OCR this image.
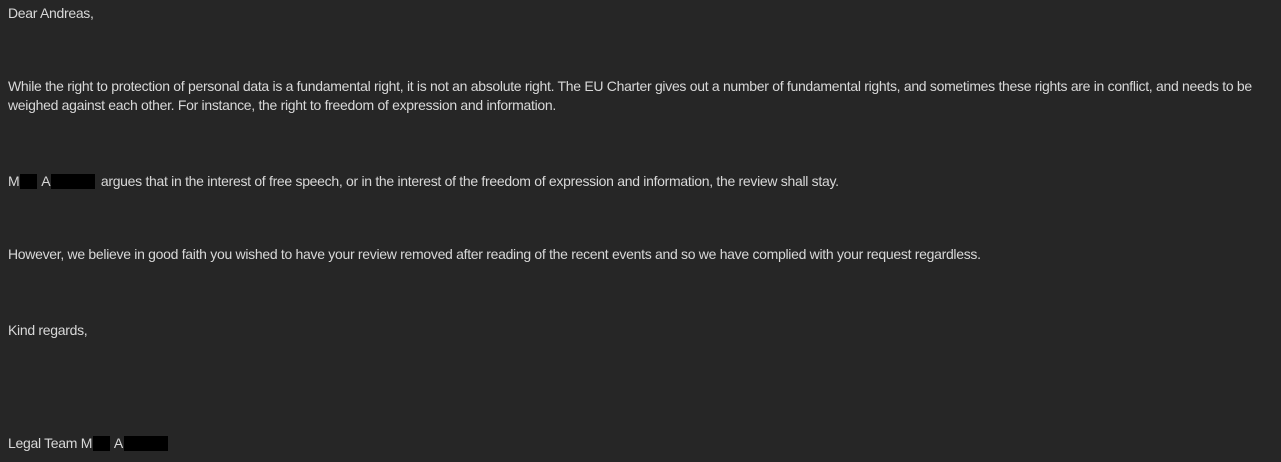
Dear Andreas,
While the right to protection of personal data is a fundamental right, it is not an absolute right. The EU Charter gives out a number of fundamental rights, and sometimes these rights are in conflict, and needs to be weighed against each other. For instance, the right to freedom of expression and information.
M A	argues that in the interest of free speech, or in the interest of the freedom of expression and information, the review shall stay.
However, we believe in good faith you wished to have your review removed after reading of the recent events and so we have complied with your request regardless.
Kind regards,
Legal Team M A
